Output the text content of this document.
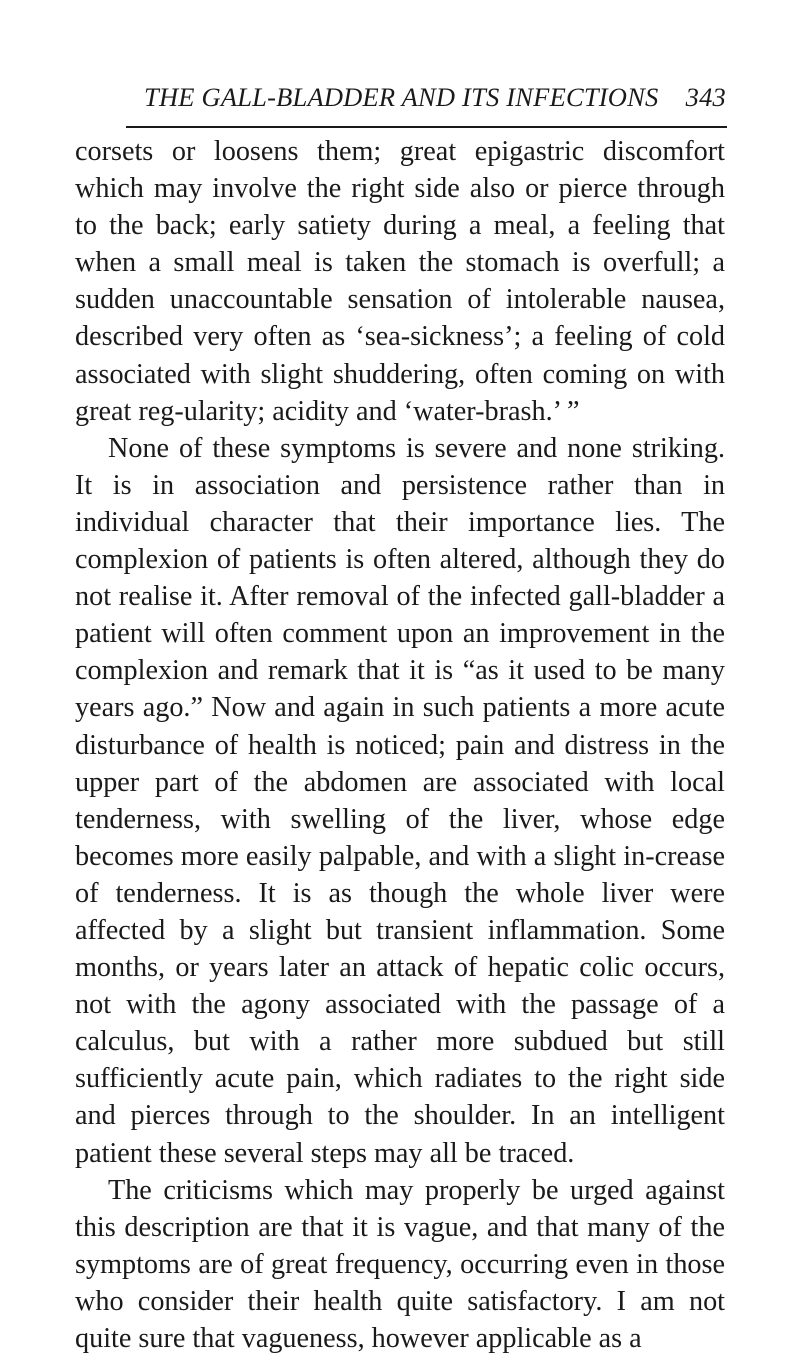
THE GALL-BLADDER AND ITS INFECTIONS 343

corsets or loosens them; great epigastric discomfort which may involve the right side also or pierce through to the back; early satiety during a meal, a feeling that when a small meal is taken the stomach is overfull; a sudden unaccountable sensation of intolerable nausea, described very often as ‘sea-sickness’; a feeling of cold associated with slight shuddering, often coming on with great reg-ularity; acidity and ‘water-brash.’ ”

None of these symptoms is severe and none striking. It is in association and persistence rather than in individual character that their importance lies. The complexion of patients is often altered, although they do not realise it. After removal of the infected gall-bladder a patient will often comment upon an improvement in the complexion and remark that it is “as it used to be many years ago.” Now and again in such patients a more acute disturbance of health is noticed; pain and distress in the upper part of the abdomen are associated with local tenderness, with swelling of the liver, whose edge becomes more easily palpable, and with a slight in-crease of tenderness. It is as though the whole liver were affected by a slight but transient inflammation. Some months, or years later an attack of hepatic colic occurs, not with the agony associated with the passage of a calculus, but with a rather more subdued but still sufficiently acute pain, which radiates to the right side and pierces through to the shoulder. In an intelligent patient these several steps may all be traced.

The criticisms which may properly be urged against this description are that it is vague, and that many of the symptoms are of great frequency, occurring even in those who consider their health quite satisfactory. I am not quite sure that vagueness, however applicable as a
